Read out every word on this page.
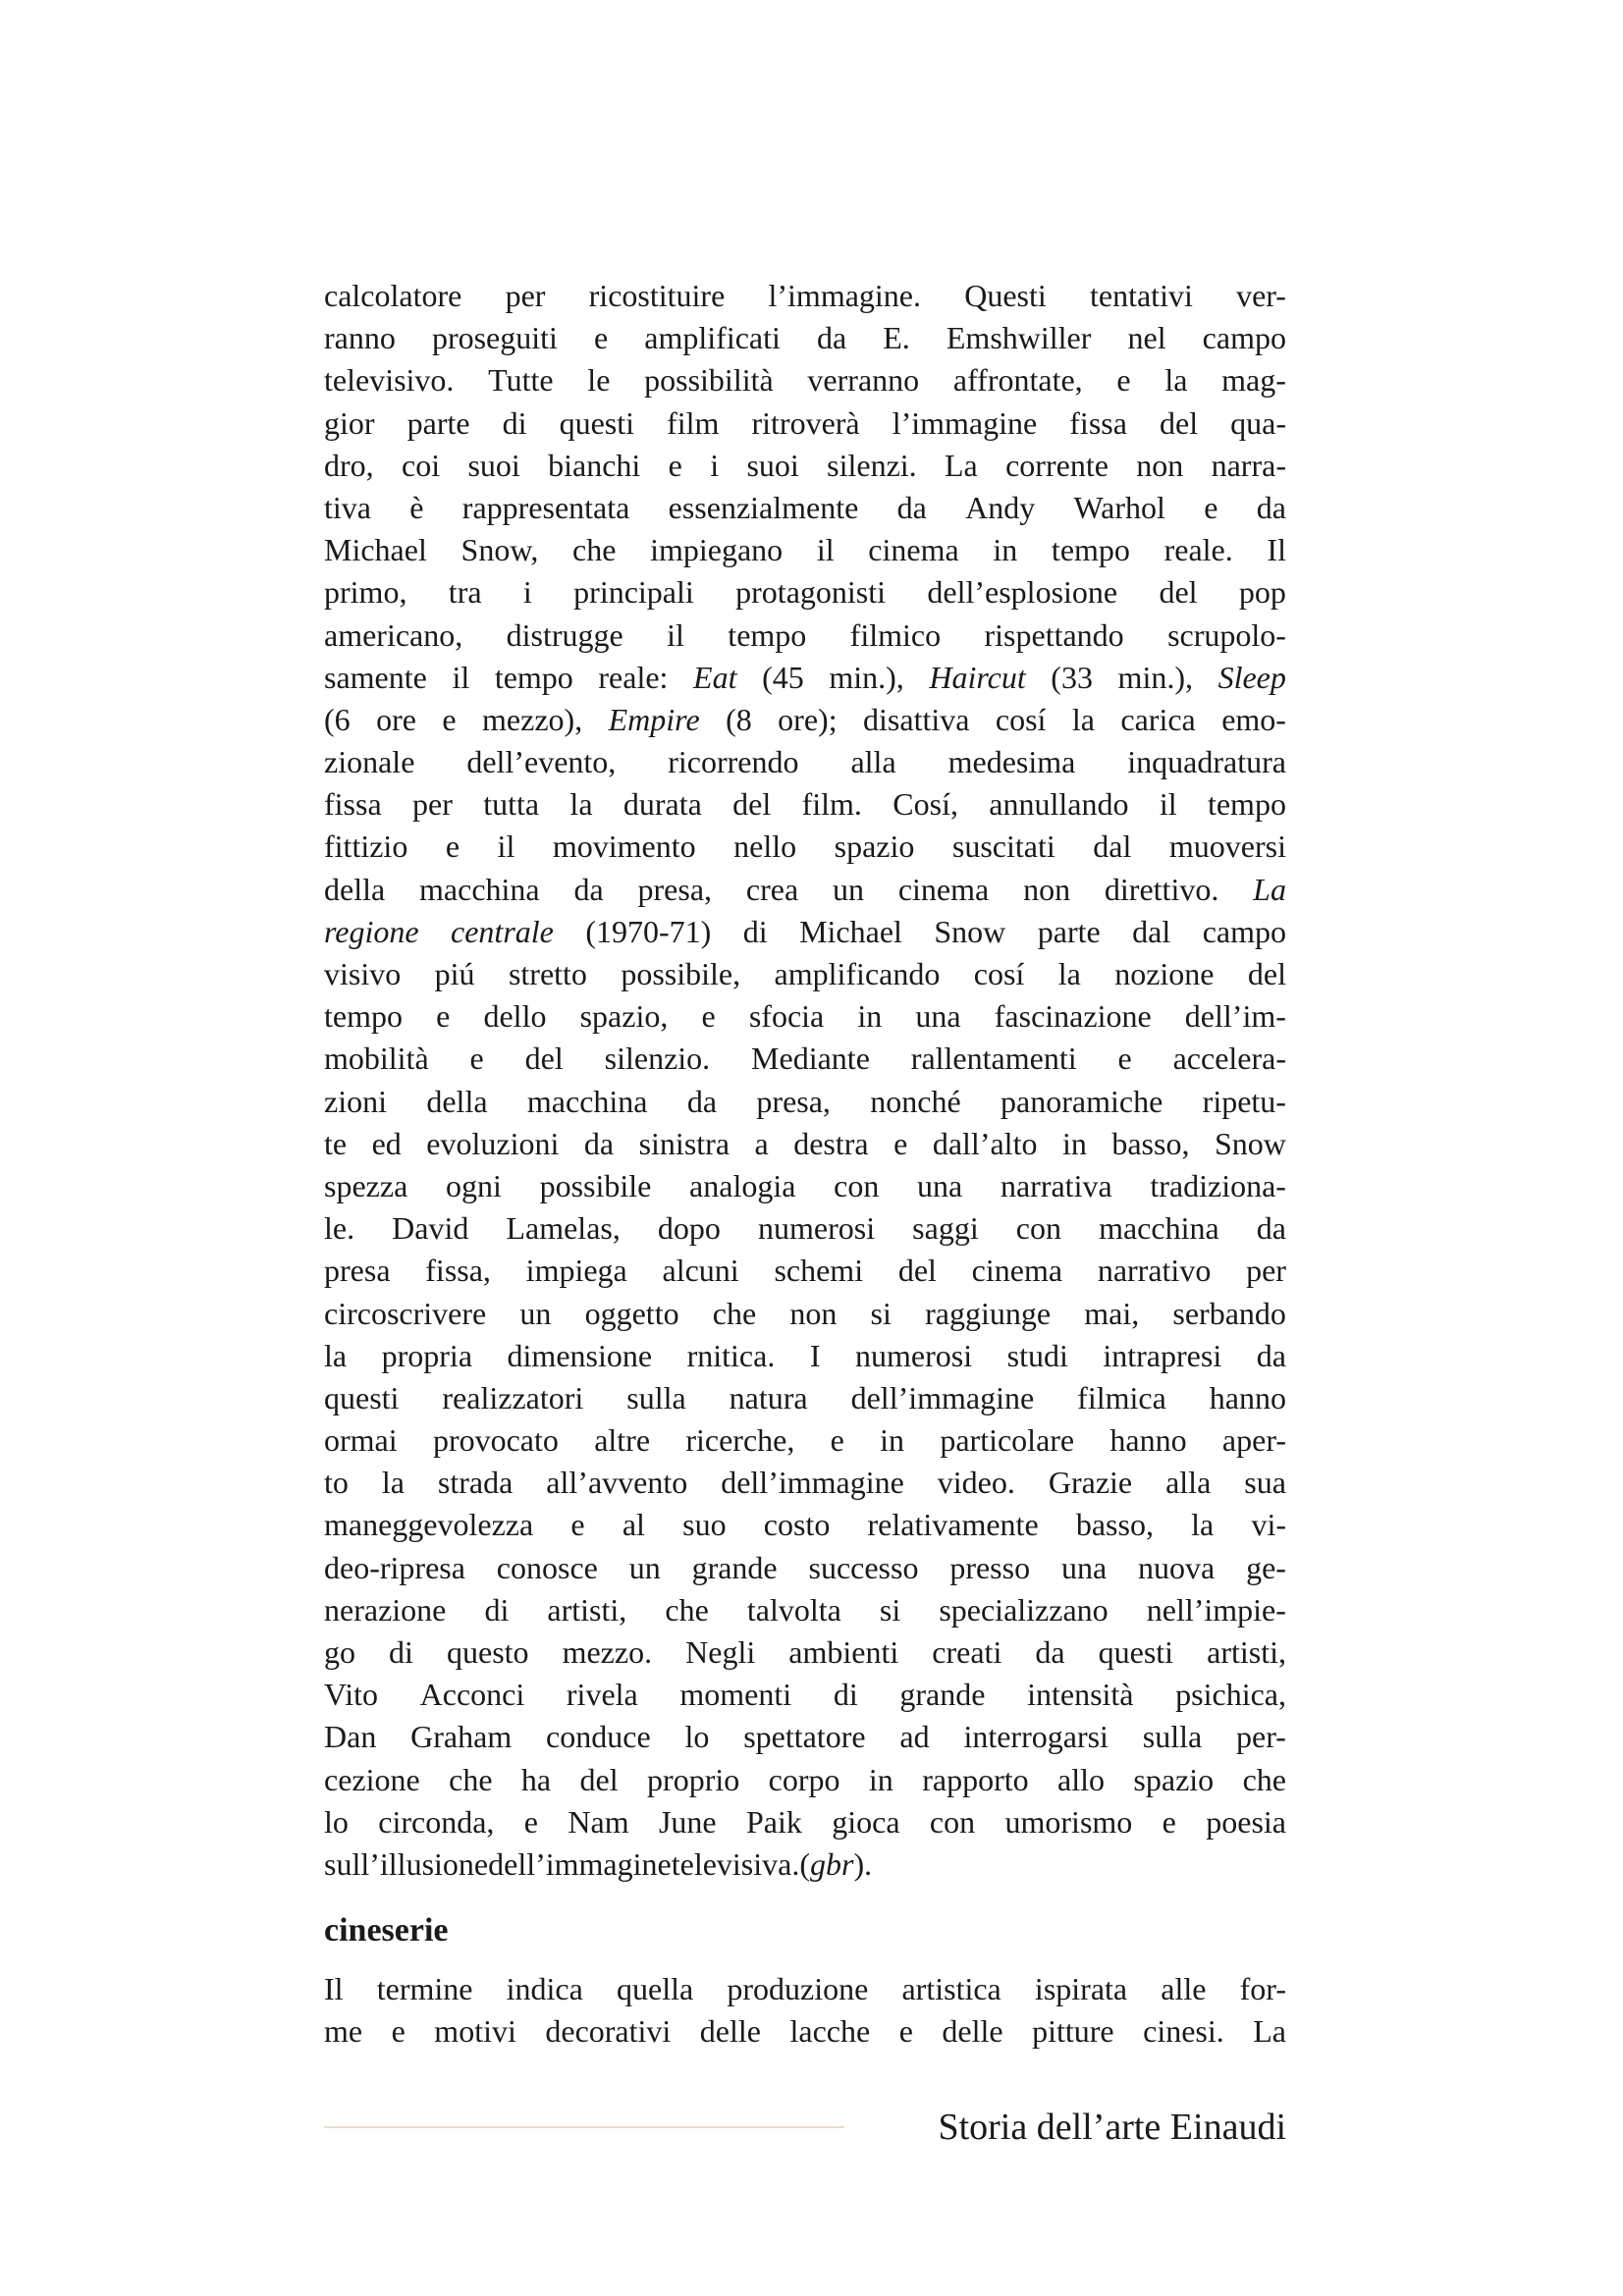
calcolatore per ricostituire l’immagine. Questi tentativi ver-
ranno proseguiti e amplificati da E. Emshwiller nel campo
televisivo. Tutte le possibilità verranno affrontate, e la mag-
gior parte di questi film ritroverà l’immagine fissa del qua-
dro, coi suoi bianchi e i suoi silenzi. La corrente non narra-
tiva è rappresentata essenzialmente da Andy Warhol e da
Michael Snow, che impiegano il cinema in tempo reale. Il
primo, tra i principali protagonisti dell’esplosione del pop
americano, distrugge il tempo filmico rispettando scrupolo-
samente il tempo reale: Eat (45 min.), Haircut (33 min.), Sleep
(6 ore e mezzo), Empire (8 ore); disattiva cosí la carica emo-
zionale dell’evento, ricorrendo alla medesima inquadratura
fissa per tutta la durata del film. Cosí, annullando il tempo
fittizio e il movimento nello spazio suscitati dal muoversi
della macchina da presa, crea un cinema non direttivo. La
regione centrale (1970-71) di Michael Snow parte dal campo
visivo piú stretto possibile, amplificando cosí la nozione del
tempo e dello spazio, e sfocia in una fascinazione dell’im-
mobilità e del silenzio. Mediante rallentamenti e accelera-
zioni della macchina da presa, nonché panoramiche ripetu-
te ed evoluzioni da sinistra a destra e dall’alto in basso, Snow
spezza ogni possibile analogia con una narrativa tradiziona-
le. David Lamelas, dopo numerosi saggi con macchina da
presa fissa, impiega alcuni schemi del cinema narrativo per
circoscrivere un oggetto che non si raggiunge mai, serbando
la propria dimensione rnitica. I numerosi studi intrapresi da
questi realizzatori sulla natura dell’immagine filmica hanno
ormai provocato altre ricerche, e in particolare hanno aper-
to la strada all’avvento dell’immagine video. Grazie alla sua
maneggevolezza e al suo costo relativamente basso, la vi-
deo-ripresa conosce un grande successo presso una nuova ge-
nerazione di artisti, che talvolta si specializzano nell’impie-
go di questo mezzo. Negli ambienti creati da questi artisti,
Vito Acconci rivela momenti di grande intensità psichica,
Dan Graham conduce lo spettatore ad interrogarsi sulla per-
cezione che ha del proprio corpo in rapporto allo spazio che
lo circonda, e Nam June Paik gioca con umorismo e poesia
sull’illusione dell’immagine televisiva. (gbr).
cineserie
Il termine indica quella produzione artistica ispirata alle for-
me e motivi decorativi delle lacche e delle pitture cinesi. La
Storia dell’arte Einaudi
